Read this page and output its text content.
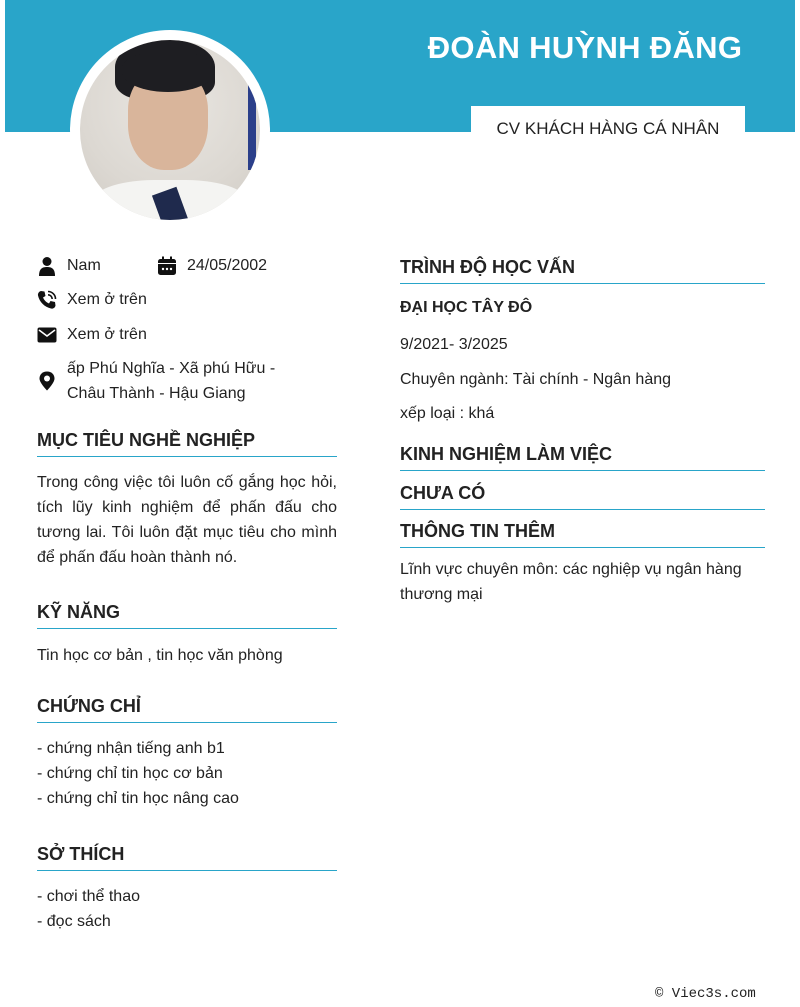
ĐOÀN HUỲNH ĐĂNG
CV KHÁCH HÀNG CÁ NHÂN
Nam	24/05/2002
Xem ở trên
Xem ở trên
ấp Phú Nghĩa - Xã phú Hữu -
Châu Thành - Hậu Giang
MỤC TIÊU NGHỀ NGHIỆP
Trong công việc tôi luôn cố gắng học hỏi, tích lũy kinh nghiệm để phấn đấu cho tương lai. Tôi luôn đặt mục tiêu cho mình để phấn đấu hoàn thành nó.
KỸ NĂNG
Tin học cơ bản , tin học văn phòng
CHỨNG CHỈ
- chứng nhận tiếng anh b1
- chứng chỉ tin học cơ bản
- chứng chỉ tin học nâng cao
SỞ THÍCH
- chơi thể thao
- đọc sách
TRÌNH ĐỘ HỌC VẤN
ĐẠI HỌC TÂY ĐÔ
9/2021- 3/2025
Chuyên ngành: Tài chính - Ngân hàng
xếp loại : khá
KINH NGHIỆM LÀM VIỆC
CHƯA CÓ
THÔNG TIN THÊM
Lĩnh vực chuyên môn: các nghiệp vụ ngân hàng thương mại
© Viec3s.com
